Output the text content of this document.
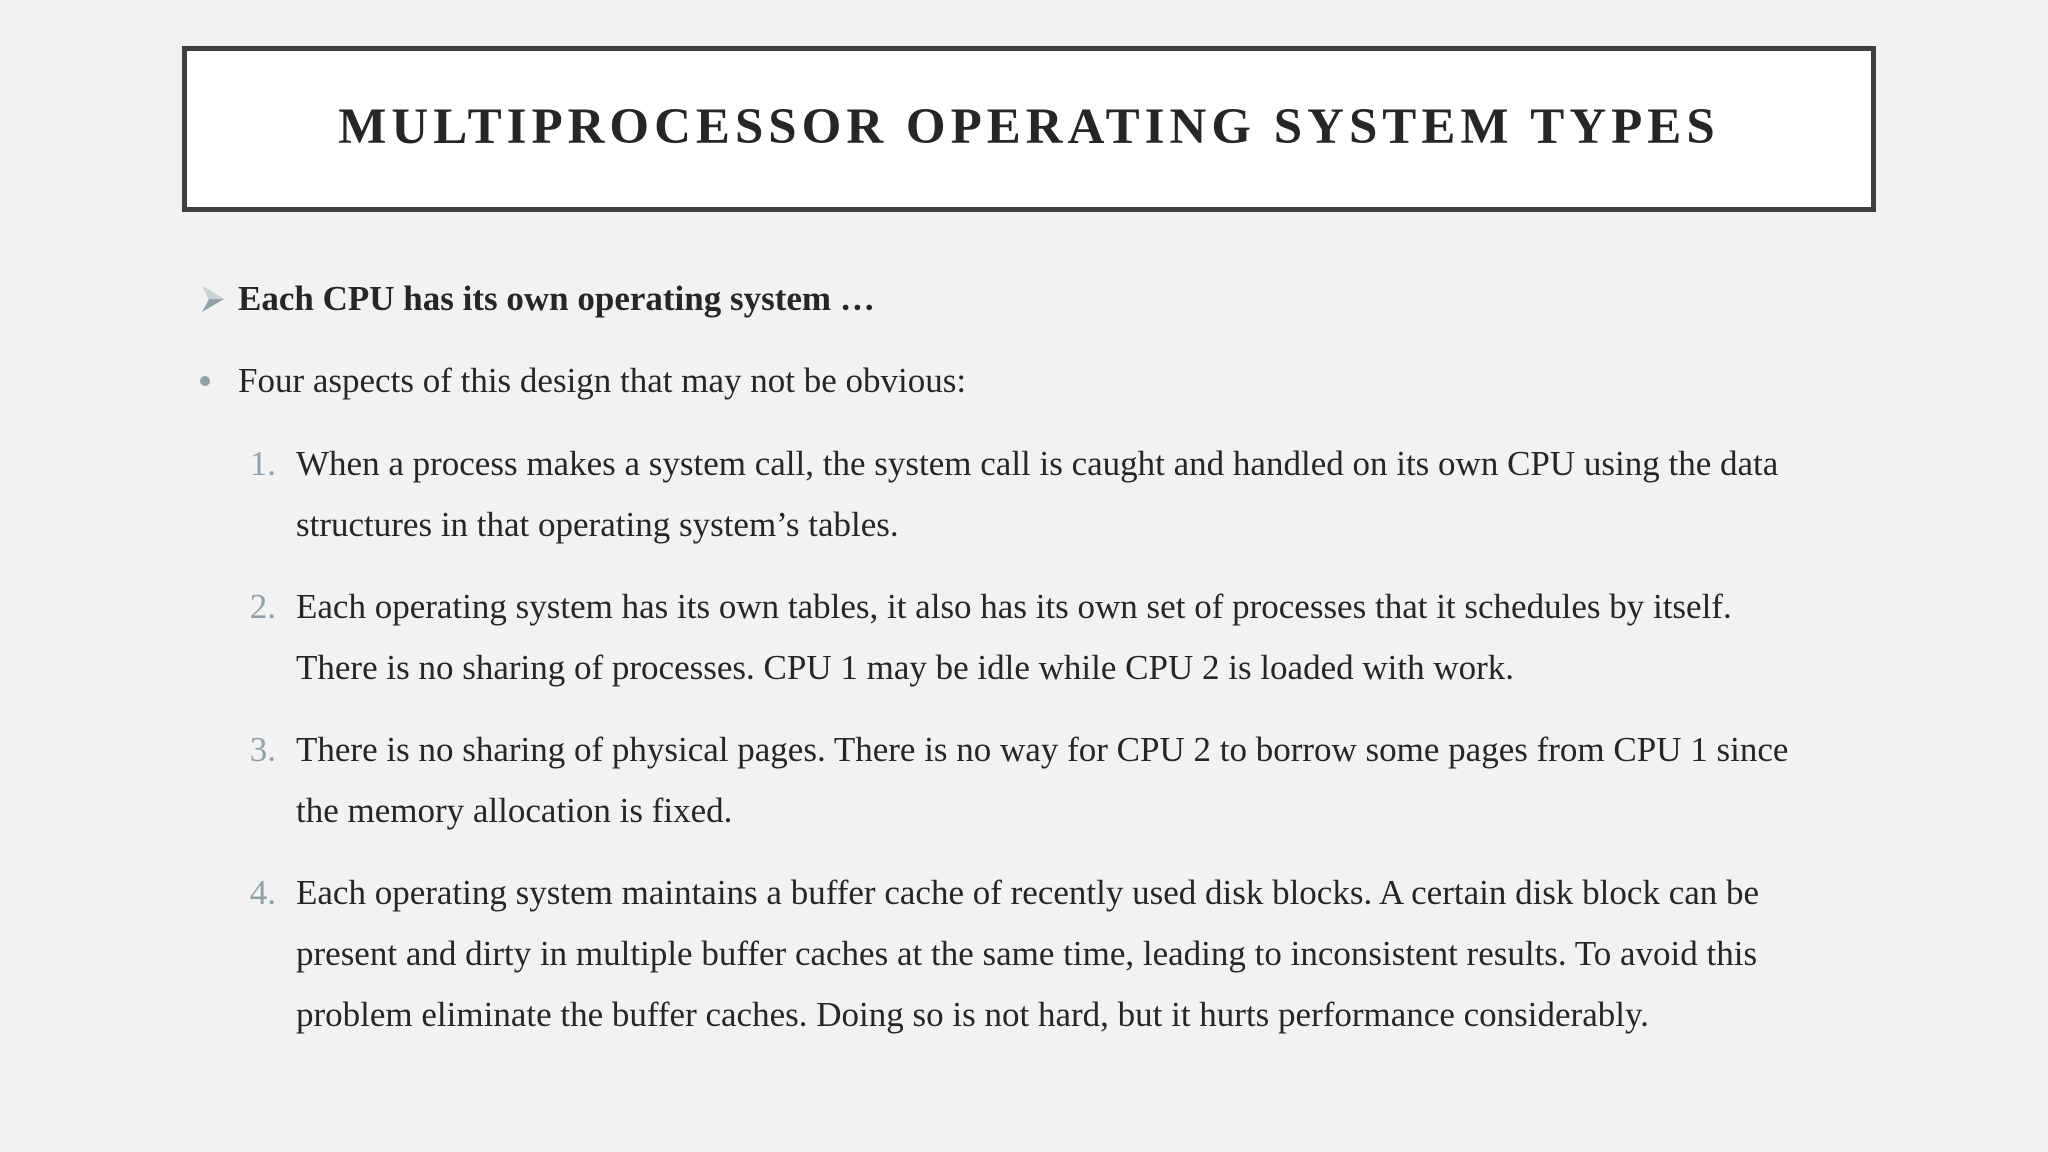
MULTIPROCESSOR OPERATING SYSTEM TYPES
Each CPU has its own operating system …
Four aspects of this design that may not be obvious:
1. When a process makes a system call, the system call is caught and handled on its own CPU using the data
structures in that operating system’s tables.
2. Each operating system has its own tables, it also has its own set of processes that it schedules by itself.
There is no sharing of processes. CPU 1 may be idle while CPU 2 is loaded with work.
3. There is no sharing of physical pages. There is no way for CPU 2 to borrow some pages from CPU 1 since
the memory allocation is fixed.
4. Each operating system maintains a buffer cache of recently used disk blocks. A certain disk block can be
present and dirty in multiple buffer caches at the same time, leading to inconsistent results. To avoid this
problem eliminate the buffer caches. Doing so is not hard, but it hurts performance considerably.
